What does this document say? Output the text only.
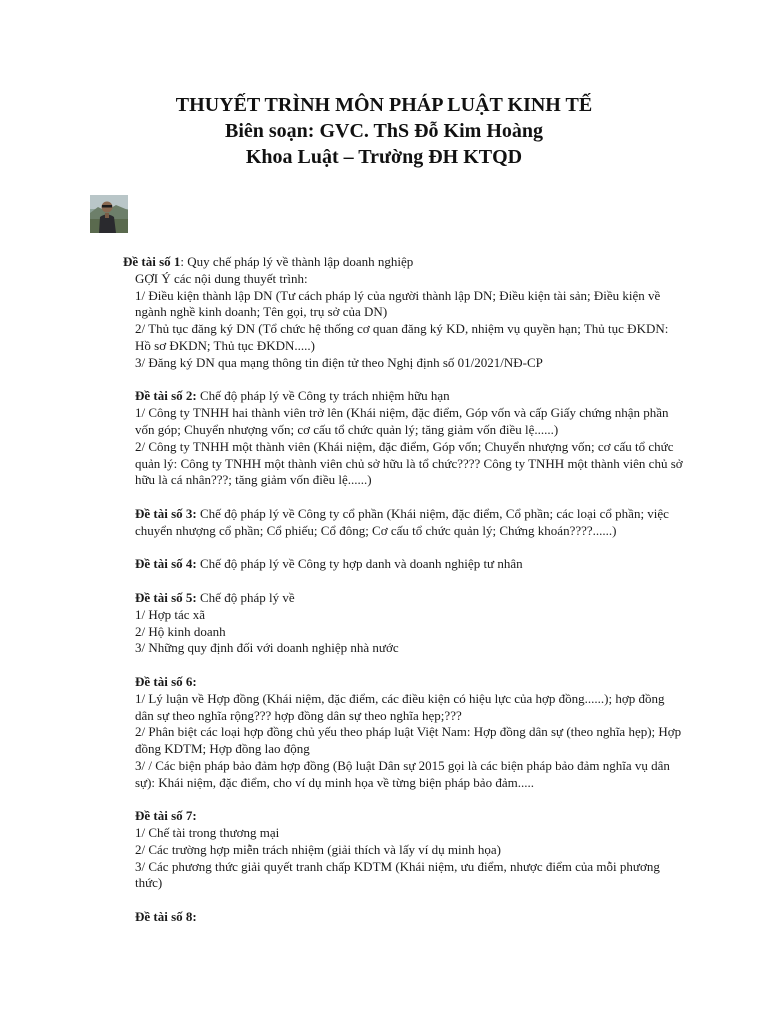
THUYẾT TRÌNH MÔN PHÁP LUẬT KINH TẾ
Biên soạn: GVC. ThS Đỗ Kim Hoàng
Khoa Luật – Trường ĐH KTQD

Đề tài số 1: Quy chế pháp lý về thành lập doanh nghiệp

GỢI Ý các nội dung thuyết trình:

1/ Điều kiện thành lập DN (Tư cách pháp lý của người thành lập DN; Điều kiện tài sản; Điều kiện về ngành nghề kinh doanh; Tên gọi, trụ sở của DN)

2/ Thủ tục đăng ký DN (Tổ chức hệ thống cơ quan đăng ký KD, nhiệm vụ quyền hạn; Thủ tục ĐKDN: Hồ sơ ĐKDN; Thủ tục ĐKDN.....)

3/ Đăng ký DN qua mạng thông tin điện tử theo Nghị định số 01/2021/NĐ-CP

Đề tài số 2: Chế độ pháp lý về Công ty trách nhiệm hữu hạn

1/ Công ty TNHH hai thành viên trở lên (Khái niệm, đặc điểm, Góp vốn và cấp Giấy chứng nhận phần vốn góp; Chuyển nhượng vốn; cơ cấu tổ chức quản lý; tăng giảm vốn điều lệ......)

2/ Công ty TNHH một thành viên (Khái niệm, đặc điểm, Góp vốn; Chuyển nhượng vốn; cơ cấu tổ chức quản lý: Công ty TNHH một thành viên chủ sở hữu là tổ chức???? Công ty TNHH một thành viên chủ sở hữu là cá nhân???; tăng giảm vốn điều lệ......)

Đề tài số 3: Chế độ pháp lý về Công ty cổ phần (Khái niệm, đặc điểm, Cổ phần; các loại cổ phần; việc chuyển nhượng cổ phần; Cổ phiếu; Cổ đông; Cơ cấu tổ chức quản lý; Chứng khoán????......)

Đề tài số 4: Chế độ pháp lý về Công ty hợp danh và doanh nghiệp tư nhân

Đề tài số 5: Chế độ pháp lý về

1/ Hợp tác xã

2/ Hộ kinh doanh

3/ Những quy định đối với doanh nghiệp nhà nước

Đề tài số 6:

1/ Lý luận về Hợp đồng (Khái niệm, đặc điểm, các điều kiện có hiệu lực của hợp đồng......); hợp đồng dân sự theo nghĩa rộng??? hợp đồng dân sự theo nghĩa hẹp;???

2/ Phân biệt các loại hợp đồng chủ yếu theo pháp luật Việt Nam: Hợp đồng dân sự (theo nghĩa hẹp); Hợp đồng KDTM; Hợp đồng lao động

3/ / Các biện pháp bảo đảm hợp đồng (Bộ luật Dân sự 2015 gọi là các biện pháp bảo đảm nghĩa vụ dân sự): Khái niệm, đặc điểm, cho ví dụ minh họa về từng biện pháp bảo đảm.....

Đề tài số 7:

1/ Chế tài trong thương mại

2/ Các trường hợp miễn trách nhiệm (giải thích và lấy ví dụ minh họa)

3/ Các phương thức giải quyết tranh chấp KDTM (Khái niệm, ưu điểm, nhược điểm của mỗi phương thức)

Đề tài số 8:
